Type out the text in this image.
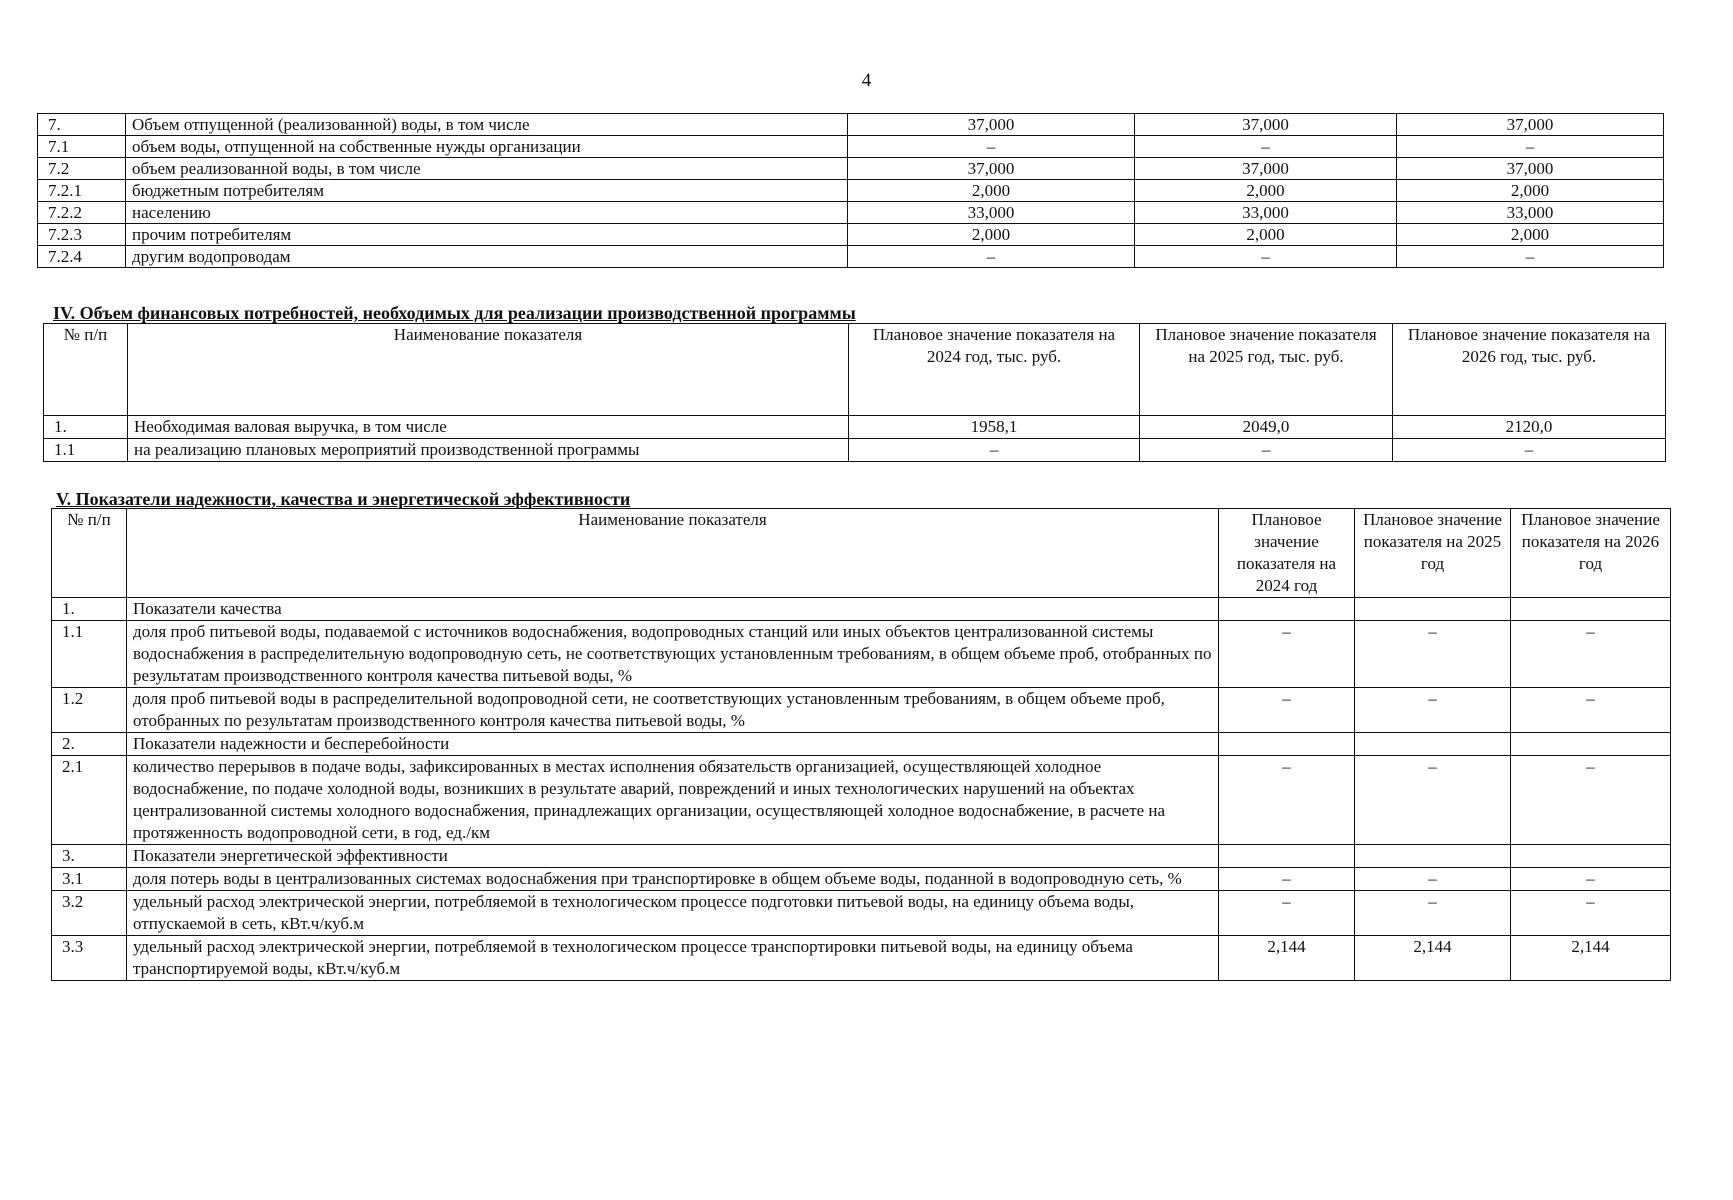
4
7.	Объем отпущенной (реализованной) воды, в том числе	37,000	37,000	37,000
7.1	объем воды, отпущенной на собственные нужды организации	–	–	–
7.2	объем реализованной воды, в том числе	37,000	37,000	37,000
7.2.1	бюджетным потребителям	2,000	2,000	2,000
7.2.2	населению	33,000	33,000	33,000
7.2.3	прочим потребителям	2,000	2,000	2,000
7.2.4	другим водопроводам	–	–	–
IV. Объем финансовых потребностей, необходимых для реализации производственной программы
№ п/п	Наименование показателя	Плановое значение показателя на 2024 год, тыс. руб.	Плановое значение показателя на 2025 год, тыс. руб.	Плановое значение показателя на 2026 год, тыс. руб.
1.	Необходимая валовая выручка, в том числе	1958,1	2049,0	2120,0
1.1	на реализацию плановых мероприятий производственной программы	–	–	–
V. Показатели надежности, качества и энергетической эффективности
№ п/п	Наименование показателя	Плановое значение показателя на 2024 год	Плановое значение показателя на 2025 год	Плановое значение показателя на 2026 год
1.	Показатели качества			
1.1	доля проб питьевой воды, подаваемой с источников водоснабжения, водопроводных станций или иных объектов централизованной системы водоснабжения в распределительную водопроводную сеть, не соответствующих установленным требованиям, в общем объеме проб, отобранных по результатам производственного контроля качества питьевой воды, %	–	–	–
1.2	доля проб питьевой воды в распределительной водопроводной сети, не соответствующих установленным требованиям, в общем объеме проб, отобранных по результатам производственного контроля качества питьевой воды, %	–	–	–
2.	Показатели надежности и бесперебойности			
2.1	количество перерывов в подаче воды, зафиксированных в местах исполнения обязательств организацией, осуществляющей холодное водоснабжение, по подаче холодной воды, возникших в результате аварий, повреждений и иных технологических нарушений на объектах централизованной системы холодного водоснабжения, принадлежащих организации, осуществляющей холодное водоснабжение, в расчете на протяженность водопроводной сети, в год, ед./км	–	–	–
3.	Показатели энергетической эффективности			
3.1	доля потерь воды в централизованных системах водоснабжения при транспортировке в общем объеме воды, поданной в водопроводную сеть, %	–	–	–
3.2	удельный расход электрической энергии, потребляемой в технологическом процессе подготовки питьевой воды, на единицу объема воды, отпускаемой в сеть, кВт.ч/куб.м	–	–	–
3.3	удельный расход электрической энергии, потребляемой в технологическом процессе транспортировки питьевой воды, на единицу объема транспортируемой воды, кВт.ч/куб.м	2,144	2,144	2,144
